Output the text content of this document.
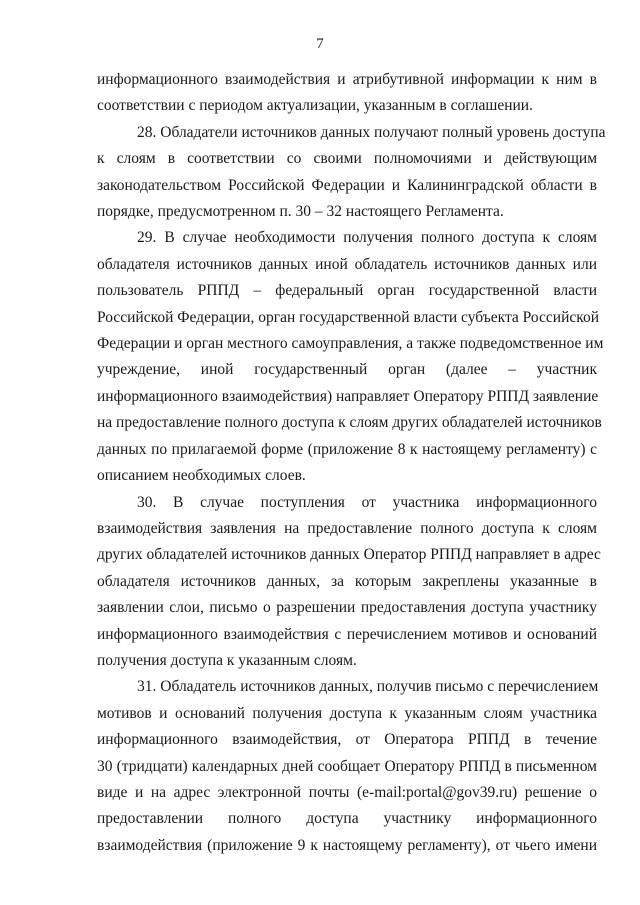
7
информационного взаимодействия и атрибутивной информации к ним в
соответствии с периодом актуализации, указанным в соглашении.
28. Обладатели источников данных получают полный уровень доступа
к слоям в соответствии со своими полномочиями и действующим
законодательством Российской Федерации и Калининградской области в
порядке, предусмотренном п. 30 – 32 настоящего Регламента.
29. В случае необходимости получения полного доступа к слоям
обладателя источников данных иной обладатель источников данных или
пользователь РППД – федеральный орган государственной власти
Российской Федерации, орган государственной власти субъекта Российской
Федерации и орган местного самоуправления, а также подведомственное им
учреждение, иной государственный орган (далее – участник
информационного взаимодействия) направляет Оператору РППД заявление
на предоставление полного доступа к слоям других обладателей источников
данных по прилагаемой форме (приложение 8 к настоящему регламенту) с
описанием необходимых слоев.
30. В случае поступления от участника информационного
взаимодействия заявления на предоставление полного доступа к слоям
других обладателей источников данных Оператор РППД направляет в адрес
обладателя источников данных, за которым закреплены указанные в
заявлении слои, письмо о разрешении предоставления доступа участнику
информационного взаимодействия с перечислением мотивов и оснований
получения доступа к указанным слоям.
31. Обладатель источников данных, получив письмо с перечислением
мотивов и оснований получения доступа к указанным слоям участника
информационного взаимодействия, от Оператора РППД в течение
30 (тридцати) календарных дней сообщает Оператору РППД в письменном
виде и на адрес электронной почты (e-mail:portal@gov39.ru) решение о
предоставлении полного доступа участнику информационного
взаимодействия (приложение 9 к настоящему регламенту), от чьего имени
